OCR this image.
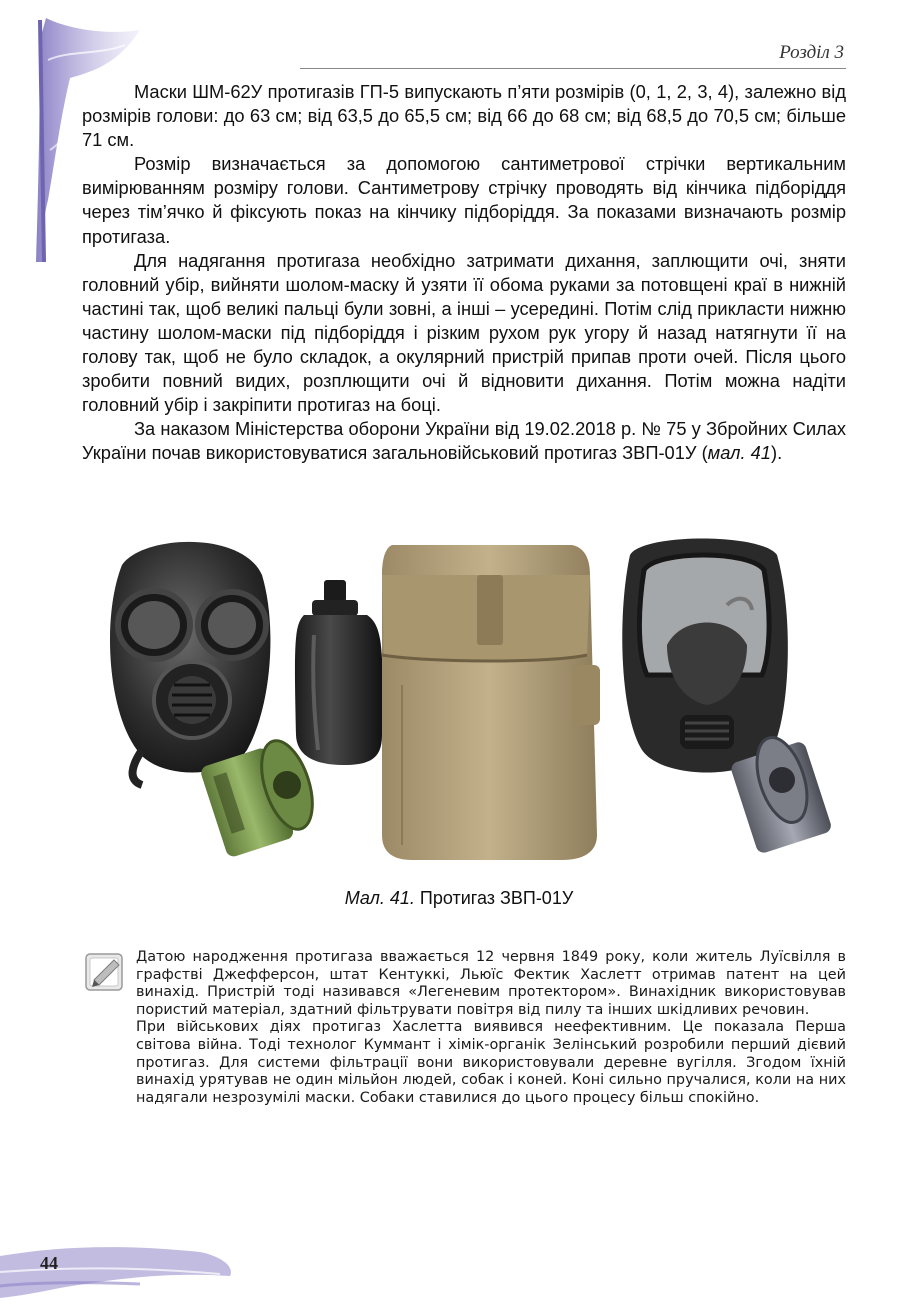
Розділ 3

Маски ШМ-62У протигазів ГП-5 випускають п’яти розмірів (0, 1, 2, 3, 4), залежно від розмірів голови: до 63 см; від 63,5 до 65,5 см; від 66 до 68 см; від 68,5 до 70,5 см; більше 71 см.

Розмір визначається за допомогою сантиметрової стрічки вертикальним вимірюванням розміру голови. Сантиметрову стрічку проводять від кінчика підборіддя через тім’ячко й фіксують показ на кінчику підборіддя. За показами визначають розмір протигаза.

Для надягання протигаза необхідно затримати дихання, заплющити очі, зняти головний убір, вийняти шолом-маску й узяти її обома руками за потовщені краї в нижній частині так, щоб великі пальці були зовні, а інші – усередині. Потім слід прикласти нижню частину шолом-маски під підборіддя і різким рухом рук угору й назад натягнути її на голову так, щоб не було складок, а окулярний пристрій припав проти очей. Після цього зробити повний видих, розплющити очі й відновити дихання. Потім можна надіти головний убір і закріпити протигаз на боці.

За наказом Міністерства оборони України від 19.02.2018 р. № 75 у Збройних Силах України почав використовуватися загальновійськовий протигаз ЗВП-01У (мал. 41).

Мал. 41. Протигаз ЗВП-01У

Датою народження протигаза вважається 12 червня 1849 року, коли житель Луїсвілля в графстві Джефферсон, штат Кентуккі, Льюїс Фектик Хаслетт отримав патент на цей винахід. Пристрій тоді називався «Легеневим протектором». Винахідник використовував пористий матеріал, здатний фільтрувати повітря від пилу та інших шкідливих речовин.

При військових діях протигаз Хаслетта виявився неефективним. Це показала Перша світова війна. Тоді технолог Куммант і хімік-органік Зелінський розробили перший дієвий протигаз. Для системи фільтрації вони використовували деревне вугілля. Згодом їхній винахід урятував не один мільйон людей, собак і коней. Коні сильно пручалися, коли на них надягали незрозумілі маски. Собаки ставилися до цього процесу більш спокійно.

44
